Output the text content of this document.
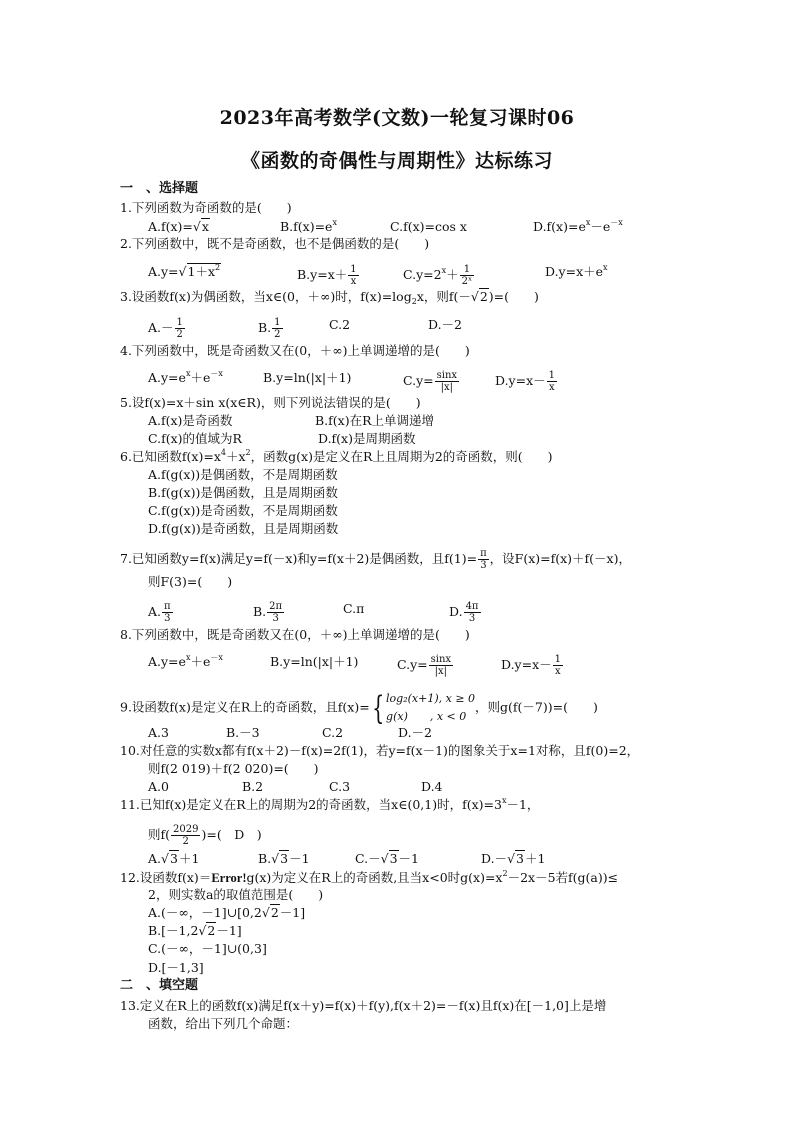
2023年高考数学(文数)一轮复习课时06
《函数的奇偶性与周期性》达标练习
一　、选择题
1.下列函数为奇函数的是(　　)
A.f(x)=√x	$B.f(x)=e^x$	C.f(x)=cos x	$D.f(x)=e^x-e^{-x}$
2.下列函数中，既不是奇函数，也不是偶函数的是(　　)
$A.y=√1+x^2$	$B.y=x+ \frac{1}{x}$	$C.y=2^x+ \frac{1}{\text{2ˣ}}$	$D.y=x+e^x$
3.设函数f(x)为偶函数，当x∈(0，＋∞)时，$f(x)=\log_2x$，则f(－√2)=(　　)
$A.- \frac{1}{2}$	B. $\frac{1}{2}$	C.2	D.－2
4.下列函数中，既是奇函数又在(0，＋∞)上单调递增的是(　　)
$A.y=e^x+e^{-x}$	B.y=ln(|x|＋1)	$C.y= \frac{\sin x}{|x|}$	$D.y=x- \frac{1}{x}$
5.设f(x)=x＋sin x(x∈R)，则下列说法错误的是(　　)
A.f(x)是奇函数	B.f(x)在R上单调递增
C.f(x)的值域为R	D.f(x)是周期函数
6.已知函数$f(x)=x^4+x^2$，函数g(x)是定义在R上且周期为2的奇函数，则(　　)
A.f(g(x))是偶函数，不是周期函数
B.f(g(x))是偶函数，且是周期函数
C.f(g(x))是奇函数，不是周期函数
D.f(g(x))是奇函数，且是周期函数
7.已知函数y=f(x)满足y=f(－x)和y=f(x＋2)是偶函数，且$f(1)= \frac{\pi}{3}$ ，设F(x)=f(x)＋f(－x)，
则F(3)=(　　)
A. $\frac{\pi}{3}$	B. $\frac{2\pi}{3}$	C.π	D. $\frac{4\pi}{3}$
8.下列函数中，既是奇函数又在(0，＋∞)上单调递增的是(　　)
$A.y=e^x+e^{-x}$	B.y=ln(|x|＋1)	$C.y= \frac{\sin x}{|x|}$	$D.y=x- \frac{1}{x}$
9.设函数f(x)是定义在R上的奇函数，且f(x)={ log₂(x+1), x ≥ 0
g(x)　　, x < 0
，则g(f(－7))=(　　)
A.3	B.－3	C.2	D.－2
10.对任意的实数x都有f(x＋2)－f(x)=2f(1)，若y=f(x－1)的图象关于x=1对称，且f(0)=2，
则f(2 019)＋f(2 020)=(　　)
A.0	B.2	C.3	D.4
11.已知f(x)是定义在R上的周期为2的奇函数，当x∈(0,1)时，$f(x)=3^x-1$，
则$f( \frac{2029}{2}$ )=(　D　)
A.√3＋1	B.√3－1	C.－√3－1	D.－√3＋1
12.设函数f(x)＝Error!g(x)为定义在R上的奇函数,且当x<0时$g(x)=x^2-2x-5$若f(g(a))≤
2，则实数a的取值范围是(　　)
A.(－∞，－1]∪[0,2√2－1]
B.[－1,2√2－1]
C.(－∞，－1]∪(0,3]
D.[－1,3]
二　、填空题
13.定义在R上的函数f(x)满足f(x＋y)=f(x)＋f(y),f(x＋2)=－f(x)且f(x)在[－1,0]上是增
函数，给出下列几个命题：
